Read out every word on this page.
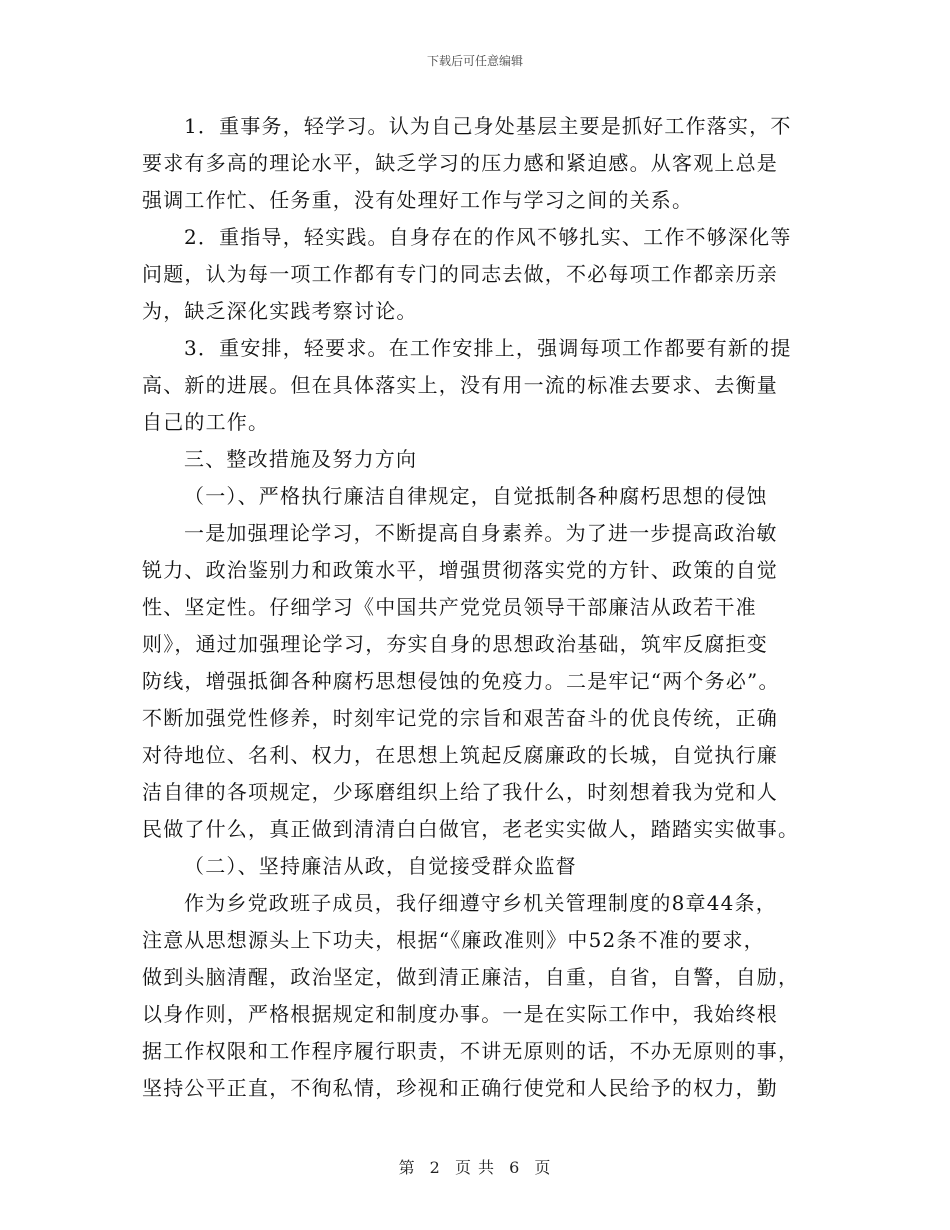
下载后可任意编辑
1．重事务，轻学习。认为自己身处基层主要是抓好工作落实，不
要求有多高的理论水平，缺乏学习的压力感和紧迫感。从客观上总是
强调工作忙、任务重，没有处理好工作与学习之间的关系。
2．重指导，轻实践。自身存在的作风不够扎实、工作不够深化等
问题，认为每一项工作都有专门的同志去做，不必每项工作都亲历亲
为，缺乏深化实践考察讨论。
3．重安排，轻要求。在工作安排上，强调每项工作都要有新的提
高、新的进展。但在具体落实上，没有用一流的标准去要求、去衡量
自己的工作。
三、整改措施及努力方向
（一）、严格执行廉洁自律规定，自觉抵制各种腐朽思想的侵蚀
一是加强理论学习，不断提高自身素养。为了进一步提高政治敏
锐力、政治鉴别力和政策水平，增强贯彻落实党的方针、政策的自觉
性、坚定性。仔细学习《中国共产党党员领导干部廉洁从政若干准
则》，通过加强理论学习，夯实自身的思想政治基础，筑牢反腐拒变
防线，增强抵御各种腐朽思想侵蚀的免疫力。二是牢记“两个务必”。
不断加强党性修养，时刻牢记党的宗旨和艰苦奋斗的优良传统，正确
对待地位、名利、权力，在思想上筑起反腐廉政的长城，自觉执行廉
洁自律的各项规定，少琢磨组织上给了我什么，时刻想着我为党和人
民做了什么，真正做到清清白白做官，老老实实做人，踏踏实实做事。
（二）、坚持廉洁从政，自觉接受群众监督
作为乡党政班子成员，我仔细遵守乡机关管理制度的8章44条，
注意从思想源头上下功夫，根据“《廉政准则》中52条不准的要求，
做到头脑清醒，政治坚定，做到清正廉洁，自重，自省，自警，自励，
以身作则，严格根据规定和制度办事。一是在实际工作中，我始终根
据工作权限和工作程序履行职责，不讲无原则的话，不办无原则的事，
坚持公平正直，不徇私情，珍视和正确行使党和人民给予的权力，勤
第 2 页 共 6 页
